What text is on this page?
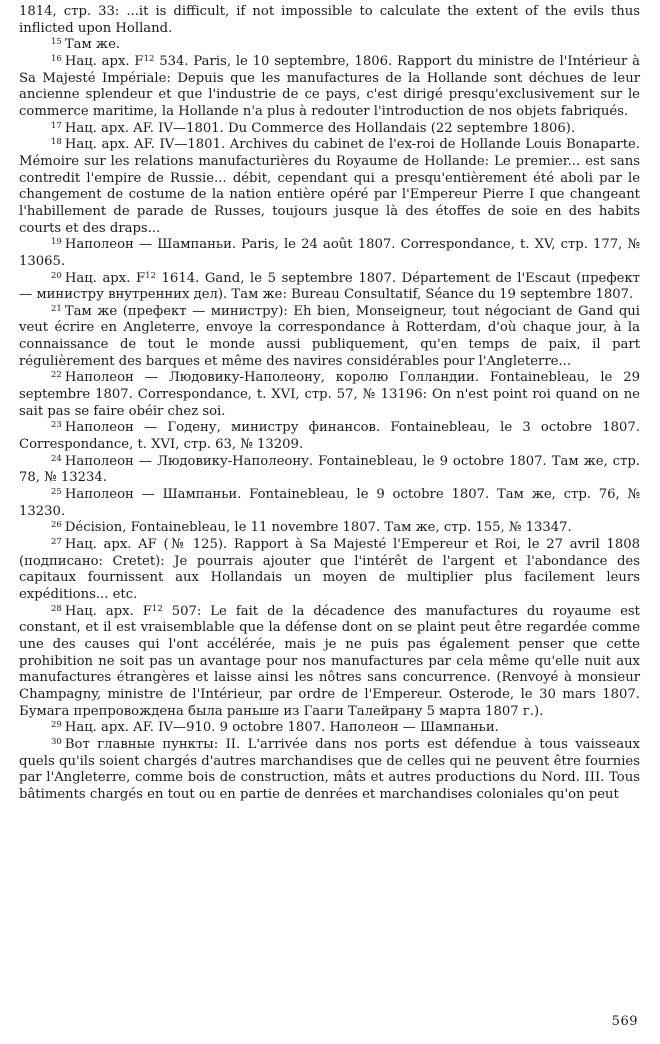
1814, стр. 33: ...it is difficult, if not impossible to calculate the extent of the evils thus inflicted upon Holland.

$^{15}$ Там же.

$^{16}$ Нац. арх. $F^{12}$ 534. Paris, le 10 septembre, 1806. Rapport du ministre de l'Intérieur à Sa Majesté Impériale: Depuis que les manufactures de la Hollande sont déchues de leur ancienne splendeur et que l'industrie de ce pays, c'est dirigé presqu'exclusivement sur le commerce maritime, la Hollande n'a plus à redouter l'introduction de nos objets fabriqués.

$^{17}$ Нац. арх. AF. IV—1801. Du Commerce des Hollandais (22 septembre 1806).

$^{18}$ Нац. арх. AF. IV—1801. Archives du cabinet de l'ex-roi de Hollande Louis Bonaparte. Mémoire sur les relations manufacturières du Royaume de Hollande: Le premier... est sans contredit l'empire de Russie... débit, cependant qui a presqu'entièrement été aboli par le changement de costume de la nation entière opéré par l'Empereur Pierre I que changeant l'habillement de parade de Russes, toujours jusque là des étoffes de soie en des habits courts et des draps...

$^{19}$ Наполеон — Шампаньи. Paris, le 24 août 1807. Correspondance, t. XV, стр. 177, № 13065.

$^{20}$ Нац. арх. $F^{12}$ 1614. Gand, le 5 septembre 1807. Département de l'Escaut (префект — министру внутренних дел). Там же: Bureau Consultatif, Séance du 19 septembre 1807.

$^{21}$ Там же (префект — министру): Eh bien, Monseigneur, tout négociant de Gand qui veut écrire en Angleterre, envoye la correspondance à Rotterdam, d'où chaque jour, à la connaissance de tout le monde aussi publiquement, qu'en temps de paix, il part régulièrement des barques et même des navires considérables pour l'Angleterre...

$^{22}$ Наполеон — Людовику-Наполеону, королю Голландии. Fontainebleau, le 29 septembre 1807. Correspondance, t. XVI, стр. 57, № 13196: On n'est point roi quand on ne sait pas se faire obéir chez soi.

$^{23}$ Наполеон — Годену, министру финансов. Fontainebleau, le 3 octobre 1807. Correspondance, t. XVI, стр. 63, № 13209.

$^{24}$ Наполеон — Людовику-Наполеону. Fontainebleau, le 9 octobre 1807. Там же, стр. 78, № 13234.

$^{25}$ Наполеон — Шампаньи. Fontainebleau, le 9 octobre 1807. Там же, стр. 76, № 13230.

$^{26}$ Décision, Fontainebleau, le 11 novembre 1807. Там же, стр. 155, № 13347.

$^{27}$ Нац. арх. AF (№ 125). Rapport à Sa Majesté l'Empereur et Roi, le 27 avril 1808 (подписано: Cretet): Je pourrais ajouter que l'intérêt de l'argent et l'abondance des capitaux fournissent aux Hollandais un moyen de multiplier plus facilement leurs expéditions... etc.

$^{28}$ Нац. арх. $F^{12}$ 507: Le fait de la décadence des manufactures du royaume est constant, et il est vraisemblable que la défense dont on se plaint peut être regardée comme une des causes qui l'ont accélérée, mais je ne puis pas également penser que cette prohibition ne soit pas un avantage pour nos manufactures par cela même qu'elle nuit aux manufactures étrangères et laisse ainsi les nôtres sans concurrence. (Renvoyé à monsieur Champagny, ministre de l'Intérieur, par ordre de l'Empereur. Osterode, le 30 mars 1807. Бумага препровождена была раньше из Гааги Талейрану 5 марта 1807 г.).

$^{29}$ Нац. арх. AF. IV—910. 9 octobre 1807. Наполеон — Шампаньи.

$^{30}$ Вот главные пункты: II. L'arrivée dans nos ports est défendue à tous vaisseaux quels qu'ils soient chargés d'autres marchandises que de celles qui ne peuvent être fournies par l'Angleterre, comme bois de construction, mâts et autres productions du Nord. III. Tous bâtiments chargés en tout ou en partie de denrées et marchandises coloniales qu'on peut

569
